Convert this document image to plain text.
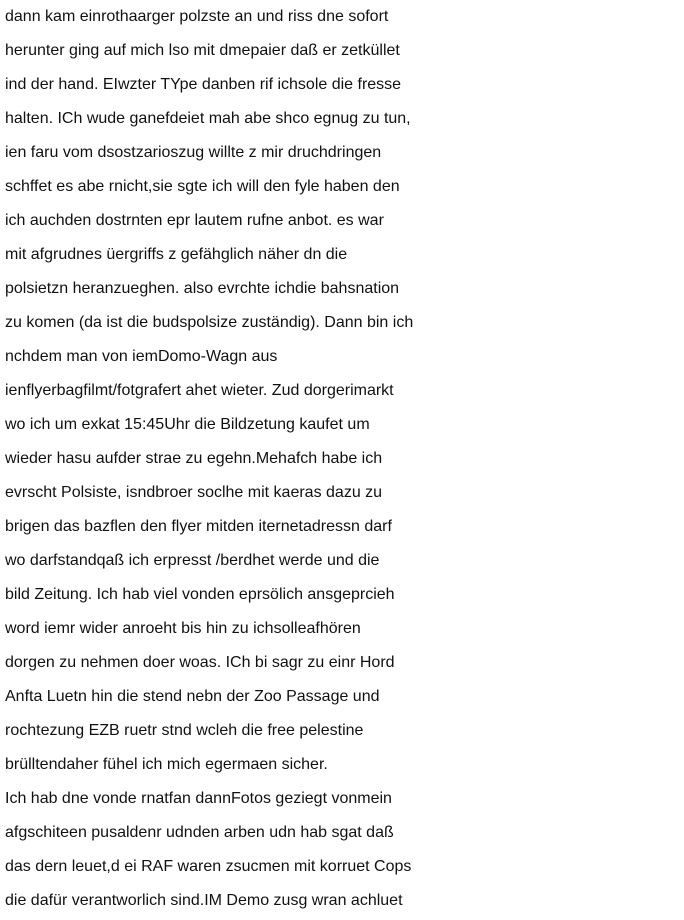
dann kam einrothaarger polzste an und riss dne sofort
herunter ging auf mich lso mit dmepaier daß er zetküllet
ind der hand. EIwzter TYpe danben rif ichsole die fresse
halten. ICh wude ganefdeiet mah abe shco egnug zu tun,
ien faru vom dsostzarioszug willte z mir druchdringen
schffet es abe rnicht,sie sgte ich will den fyle haben den
ich auchden dostrnten epr lautem rufne anbot. es war
mit afgrudnes üergriffs z gefähglich näher dn die
polsietzn heranzueghen. also evrchte ichdie bahsnation
zu komen (da ist die budspolsize zuständig). Dann bin ich
nchdem man von iemDomo-Wagn aus
ienflyerbagfilmt/fotgrafert ahet wieter. Zud dorgerimarkt
wo ich um exkat 15:45Uhr die Bildzetung kaufet um
wieder hasu aufder strae zu egehn.Mehafch habe ich
evrscht Polsiste, isndbroer soclhe mit kaeras dazu zu
brigen das bazflen den flyer mitden iternetadressn darf
wo darfstandqaß ich erpresst /berdhet werde und die
bild Zeitung. Ich hab viel vonden eprsölich ansgeprcieh
word iemr wider anroeht bis hin zu ichsolleafhören
dorgen zu nehmen doer woas. ICh bi sagr zu einr Hord
Anfta Luetn hin die stend nebn der Zoo Passage und
rochtezung EZB ruetr stnd wcleh die free pelestine
brülltendaher fühel ich mich egermaen sicher.
Ich hab dne vonde rnatfan dannFotos geziegt vonmein
afgschiteen pusaldenr udnden arben udn hab sgat daß
das dern leuet,d ei RAF waren zsucmen mit korruet Cops
die dafür verantworlich sind.IM Demo zusg wran achluet
